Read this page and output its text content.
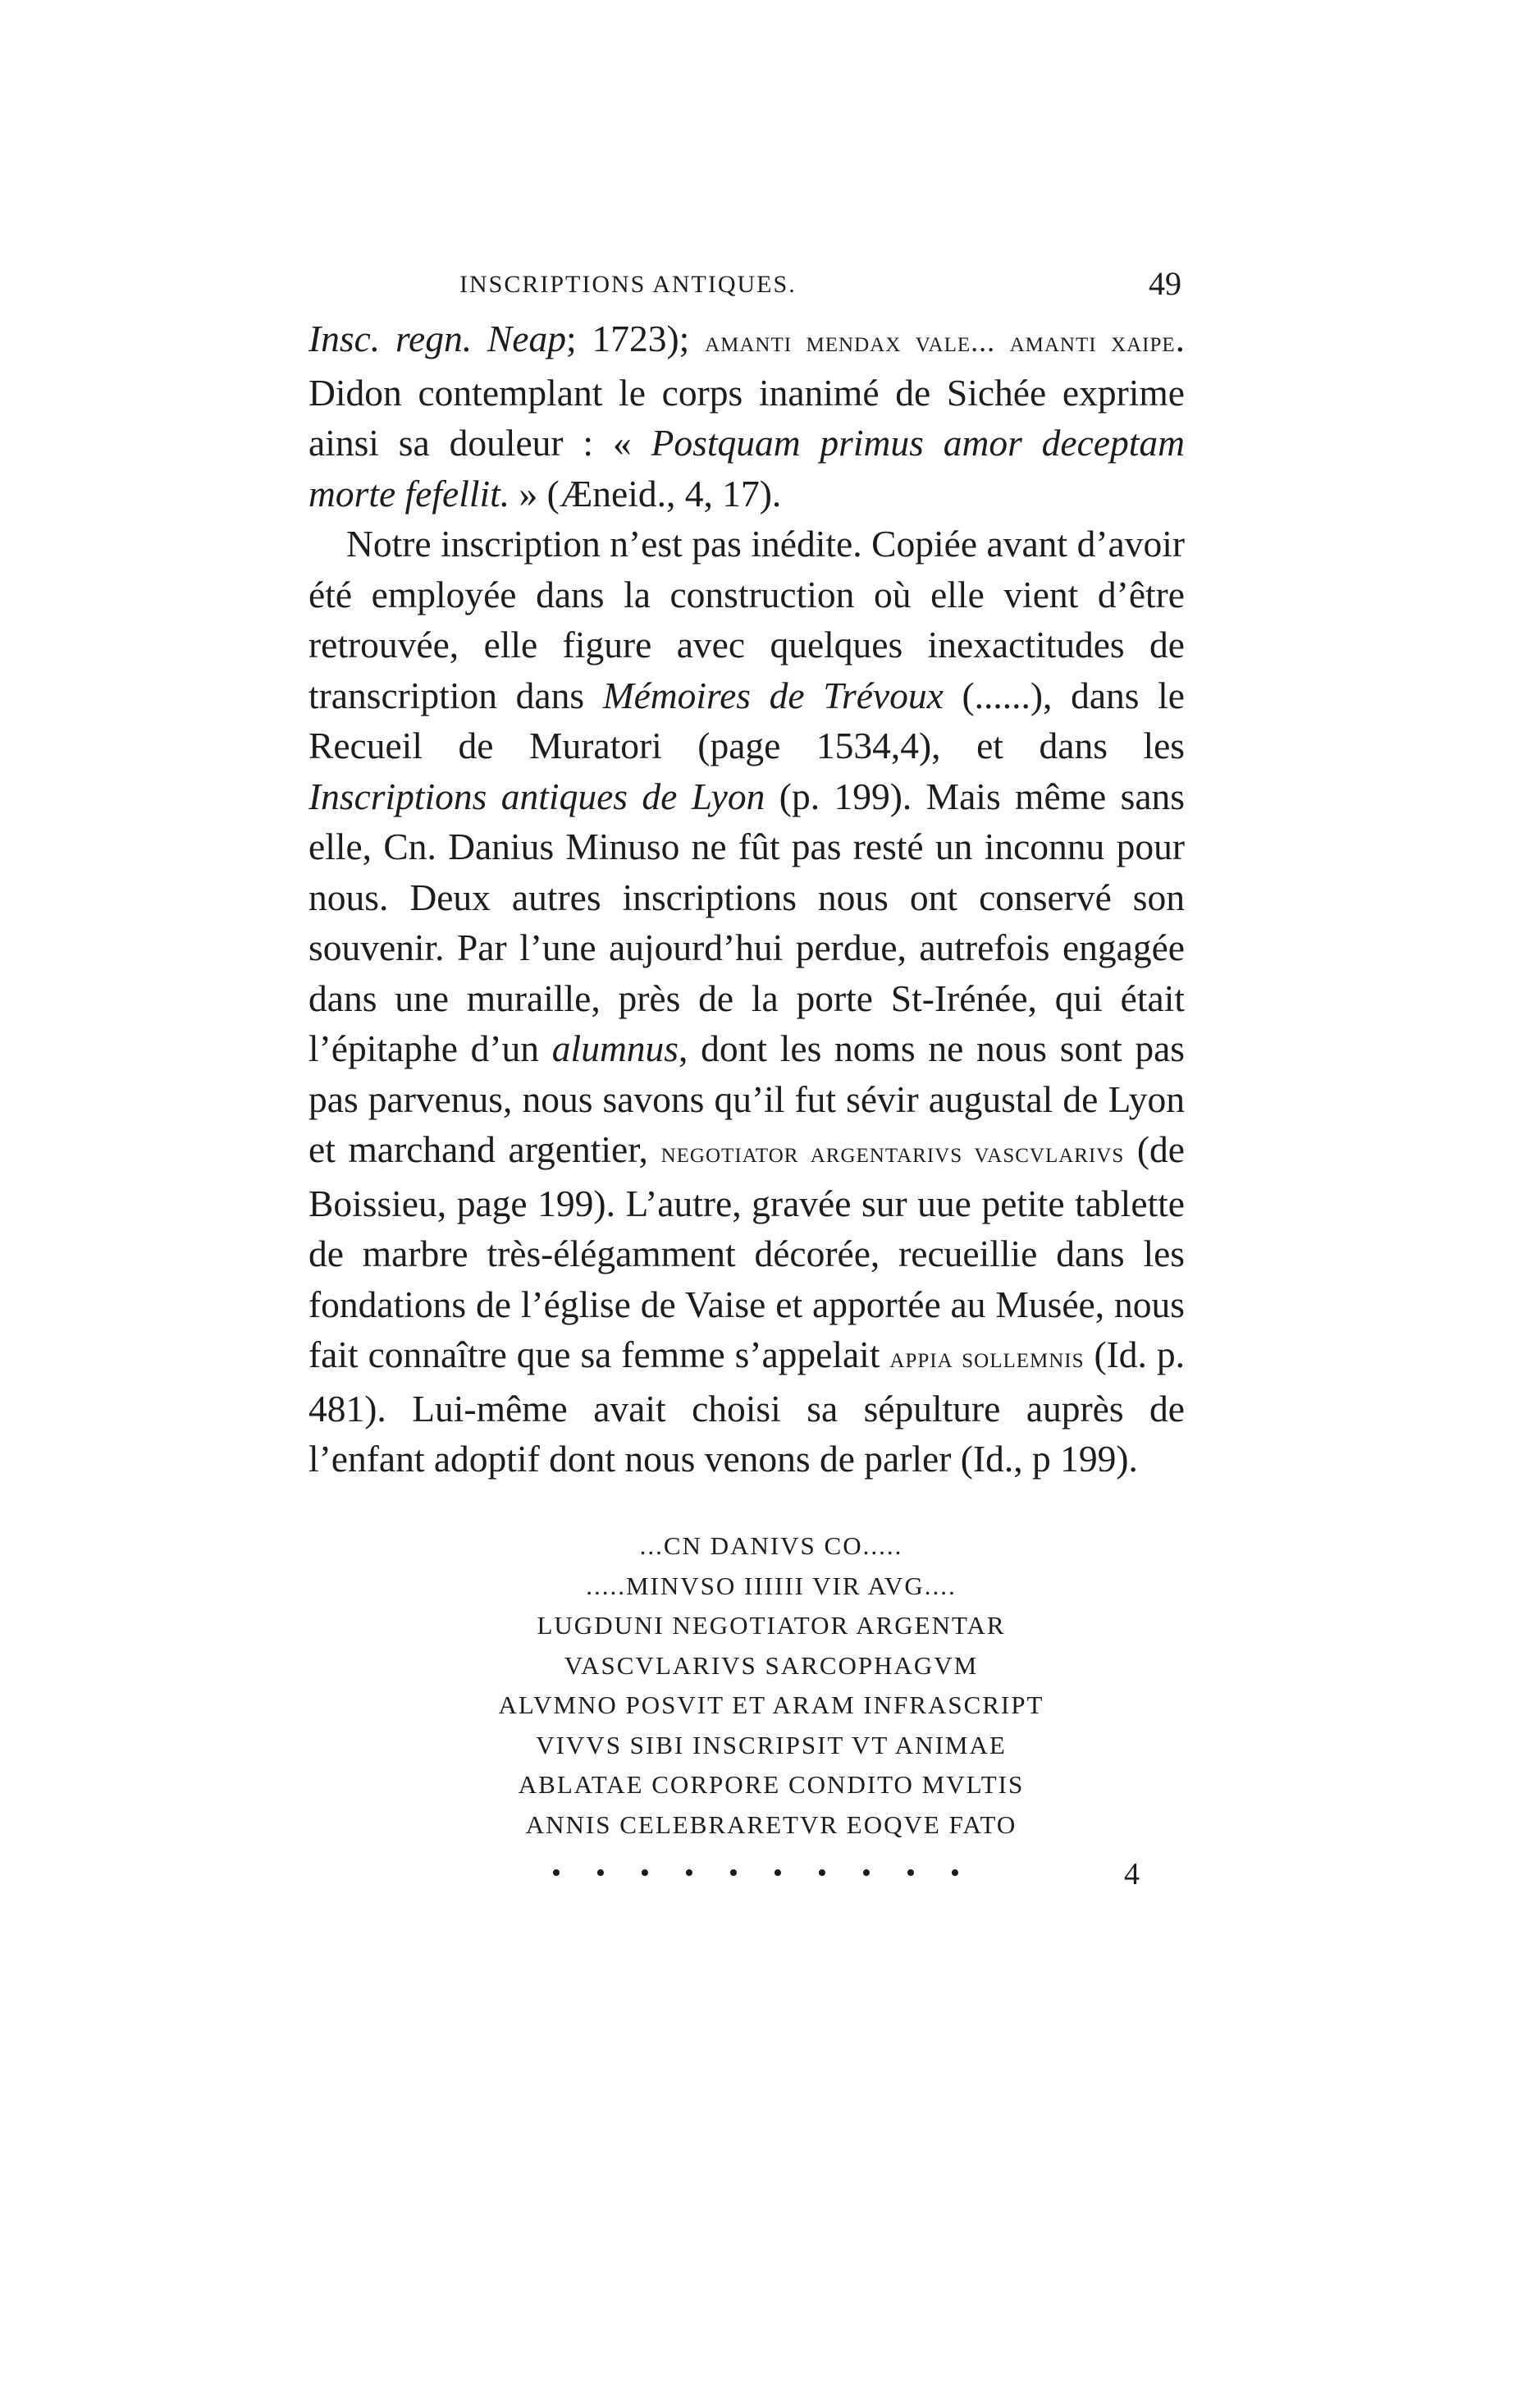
INSCRIPTIONS ANTIQUES.	49

Insc. regn. Neap; 1723); amanti mendax vale... amanti xaipe. Didon contemplant le corps inanimé de Sichée exprime ainsi sa douleur : « Postquam primus amor deceptam morte fefellit. » (Æneid., 4, 17).

Notre inscription n’est pas inédite. Copiée avant d’avoir été employée dans la construction où elle vient d’être retrouvée, elle figure avec quelques inexactitudes de transcription dans Mémoires de Trévoux (......), dans le Recueil de Muratori (page 1534,4), et dans les Inscriptions antiques de Lyon (p. 199). Mais même sans elle, Cn. Danius Minuso ne fût pas resté un inconnu pour nous. Deux autres inscriptions nous ont conservé son souvenir. Par l’une aujourd’hui perdue, autrefois engagée dans une muraille, près de la porte St-Irénée, qui était l’épitaphe d’un alumnus, dont les noms ne nous sont pas pas parvenus, nous savons qu’il fut sévir augustal de Lyon et marchand argentier, negotiator argentarivs vascvlarivs (de Boissieu, page 199). L’autre, gravée sur uue petite tablette de marbre très-élégamment décorée, recueillie dans les fondations de l’église de Vaise et apportée au Musée, nous fait connaître que sa femme s’appelait appia sollemnis (Id. p. 481). Lui-même avait choisi sa sépulture auprès de l’enfant adoptif dont nous venons de parler (Id., p 199).

...CN DANIVS CO.....
.....MINVSO IIIIII VIR AVG....
LUGDUNI NEGOTIATOR ARGENTAR
VASCVLARIVS SARCOPHAGVM
ALVMNO POSVIT ET ARAM INFRASCRIPT
VIVVS SIBI INSCRIPSIT VT ANIMAE
ABLATAE CORPORE CONDITO MVLTIS
ANNIS CELEBRARETVR EOQVE FATO
• • • • • • • • • •	4
